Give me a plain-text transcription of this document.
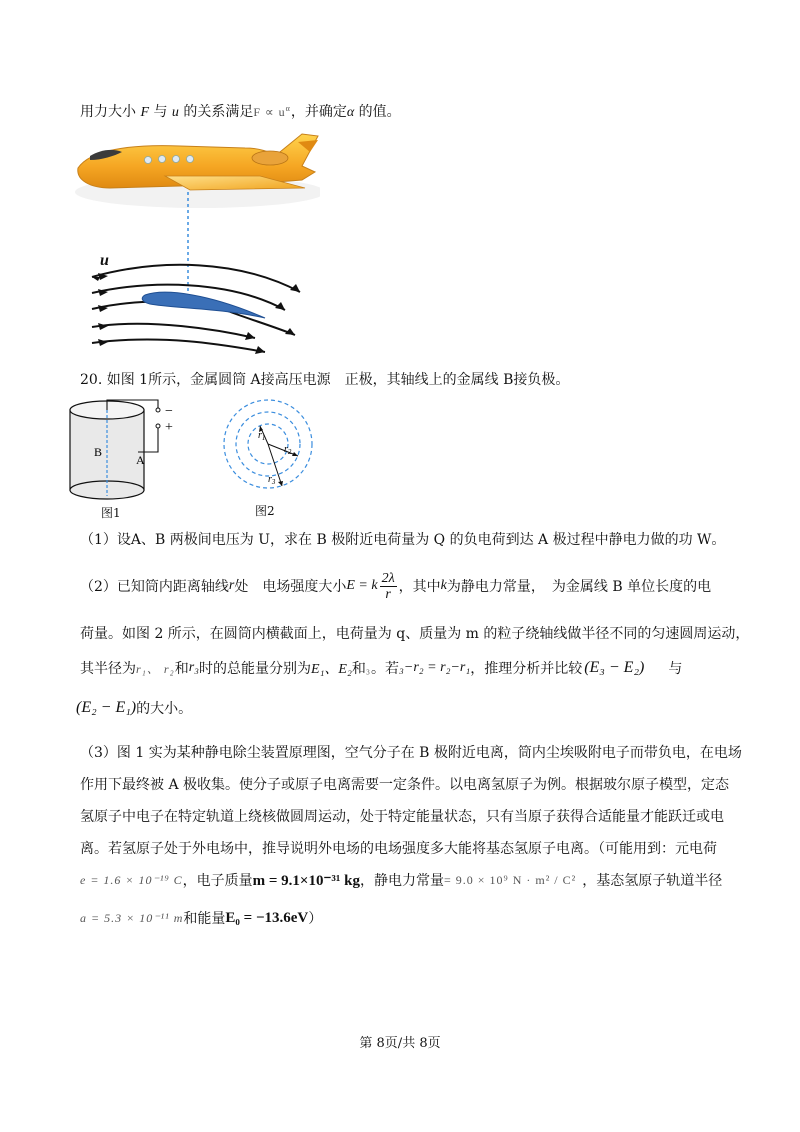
用力大小 F 与 u 的关系满足$F \propto u^\alpha$，并确定α 的值。
u
20. 如图 1所示，金属圆筒 A接高压电源　正极，其轴线上的金属线 B接负极。
−
+
B
A
图1
$r_1$
$r_2$
$r_3$
图2
（1）设A、B 两极间电压为 U，求在 B 极附近电荷量为 Q 的负电荷到达 A 极过程中静电力做的功 W。
（2）已知筒内距离轴线 r 处　电场强度大小 E = k $\frac{2\lambda}{r}$ ，其中 k 为静电力常量，　为金属线 B 单位长度的电
荷量。如图 2 所示，在圆筒内横截面上，电荷量为 q、质量为 m 的粒子绕轴线做半径不同的匀速圆周运动，
其半径为 r₁、 r₂ 和 r₃ 时的总能量分别为 E₁、E₂ 和 ₃ 。若 ₃−r₂ = r₂−r₁ ，推理分析并比较 (E₃ − E₂) 与
(E₂ − E₁) 的大小。
（3）图 1 实为某种静电除尘装置原理图，空气分子在 B 极附近电离，筒内尘埃吸附电子而带负电，在电场
作用下最终被 A 极收集。使分子或原子电离需要一定条件。以电离氢原子为例。根据玻尔原子模型，定态
氢原子中电子在特定轨道上绕核做圆周运动，处于特定能量状态，只有当原子获得合适能量才能跃迁或电
离。若氢原子处于外电场中，推导说明外电场的电场强度多大能将基态氢原子电离。（可能用到：元电荷
e = 1.6 × 10⁻¹⁹ C ，电子质量 m = 9.1×10⁻³¹ kg ，静电力常量 = 9.0 × 10⁹ N · m² / C² ，基态氢原子轨道半径
a = 5.3 × 10⁻¹¹ m 和能量 E₀ = −13.6eV ）
第 8页/共 8页
